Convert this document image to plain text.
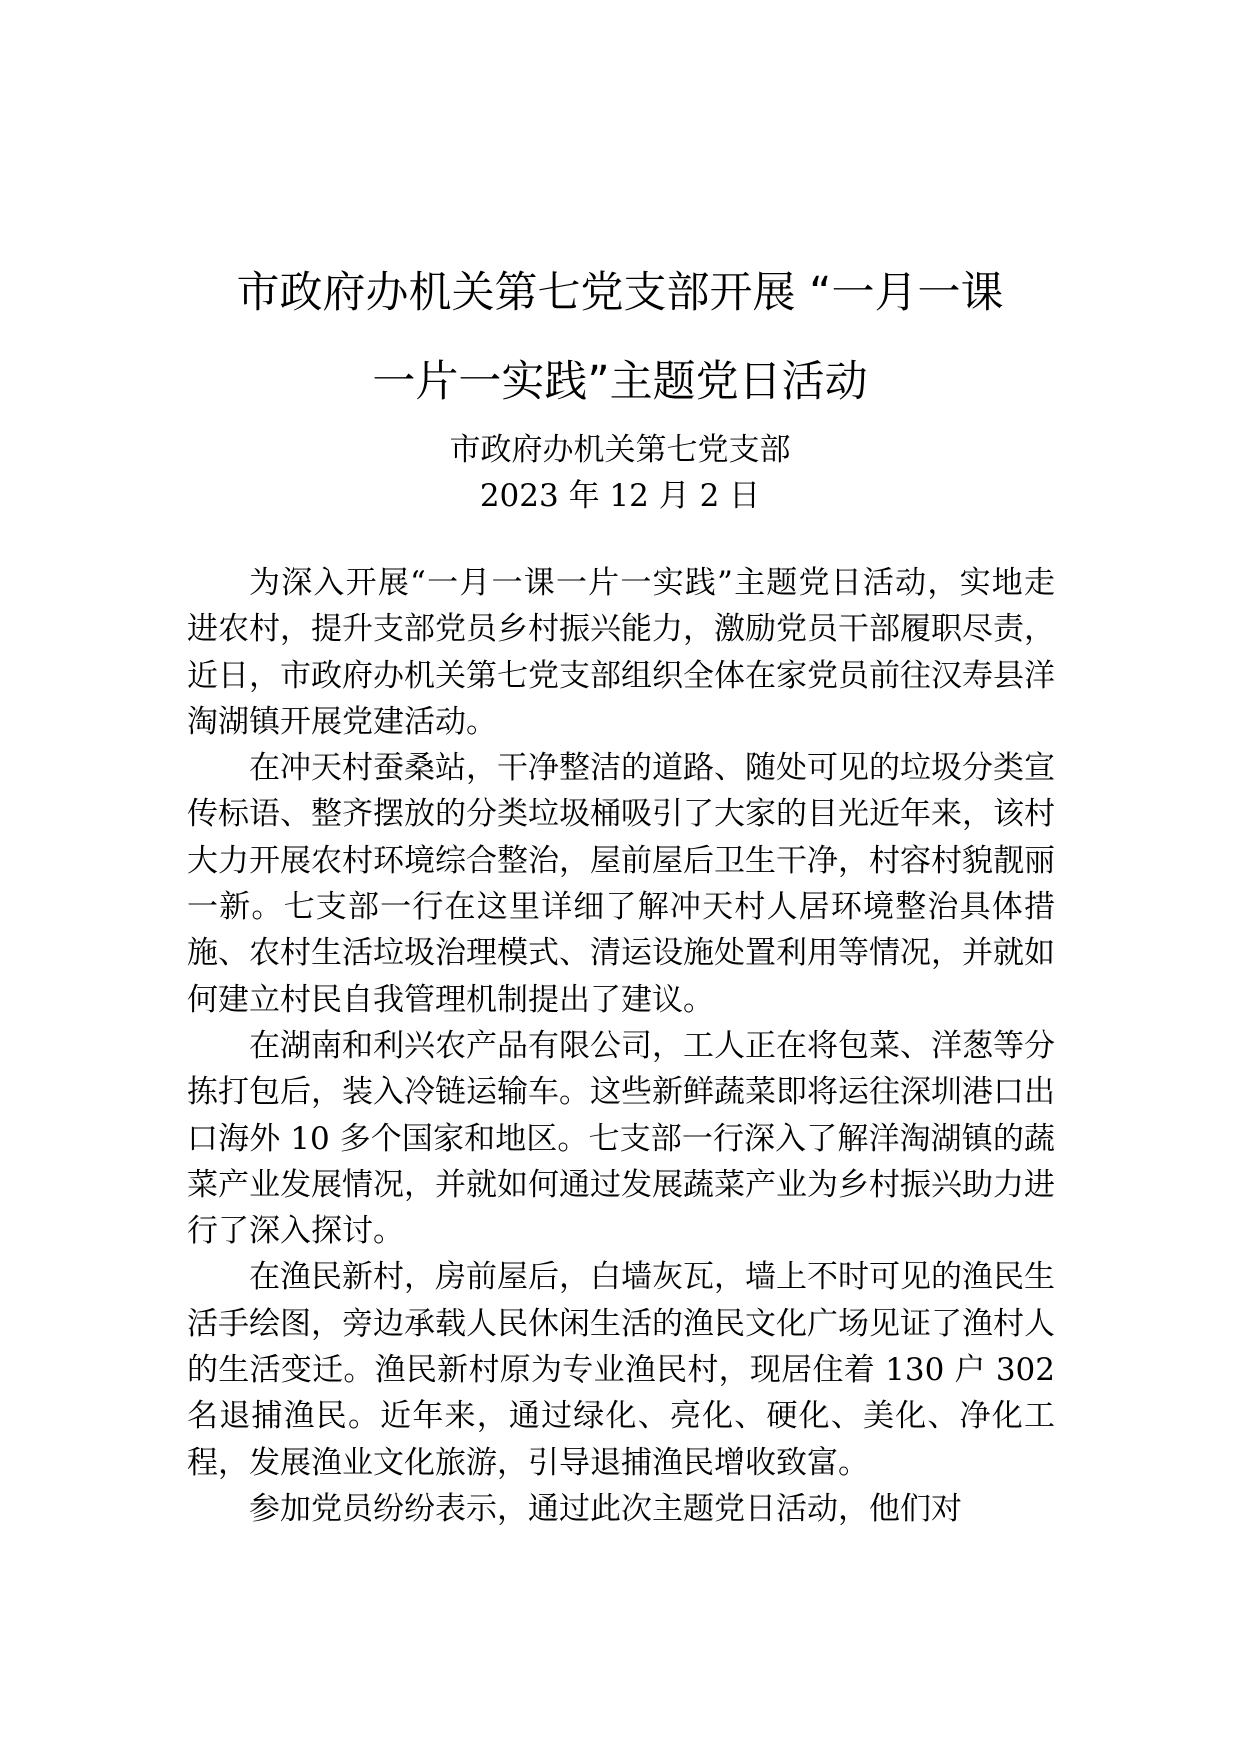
市政府办机关第七党支部开展 “一月一课
一片一实践”主题党日活动
市政府办机关第七党支部
2023 年 12 月 2 日

为深入开展“一月一课一片一实践”主题党日活动，实地走进农村，提升支部党员乡村振兴能力，激励党员干部履职尽责，近日，市政府办机关第七党支部组织全体在家党员前往汉寿县洋淘湖镇开展党建活动。

在冲天村蚕桑站，干净整洁的道路、随处可见的垃圾分类宣传标语、整齐摆放的分类垃圾桶吸引了大家的目光近年来，该村大力开展农村环境综合整治，屋前屋后卫生干净，村容村貌靓丽一新。七支部一行在这里详细了解冲天村人居环境整治具体措施、农村生活垃圾治理模式、清运设施处置利用等情况，并就如何建立村民自我管理机制提出了建议。

在湖南和利兴农产品有限公司，工人正在将包菜、洋葱等分拣打包后，装入冷链运输车。这些新鲜蔬菜即将运往深圳港口出口海外 10 多个国家和地区。七支部一行深入了解洋淘湖镇的蔬菜产业发展情况，并就如何通过发展蔬菜产业为乡村振兴助力进行了深入探讨。

在渔民新村，房前屋后，白墙灰瓦，墙上不时可见的渔民生活手绘图，旁边承载人民休闲生活的渔民文化广场见证了渔村人的生活变迁。渔民新村原为专业渔民村，现居住着 130 户 302 名退捕渔民。近年来，通过绿化、亮化、硬化、美化、净化工程，发展渔业文化旅游，引导退捕渔民增收致富。

参加党员纷纷表示，通过此次主题党日活动，他们对
